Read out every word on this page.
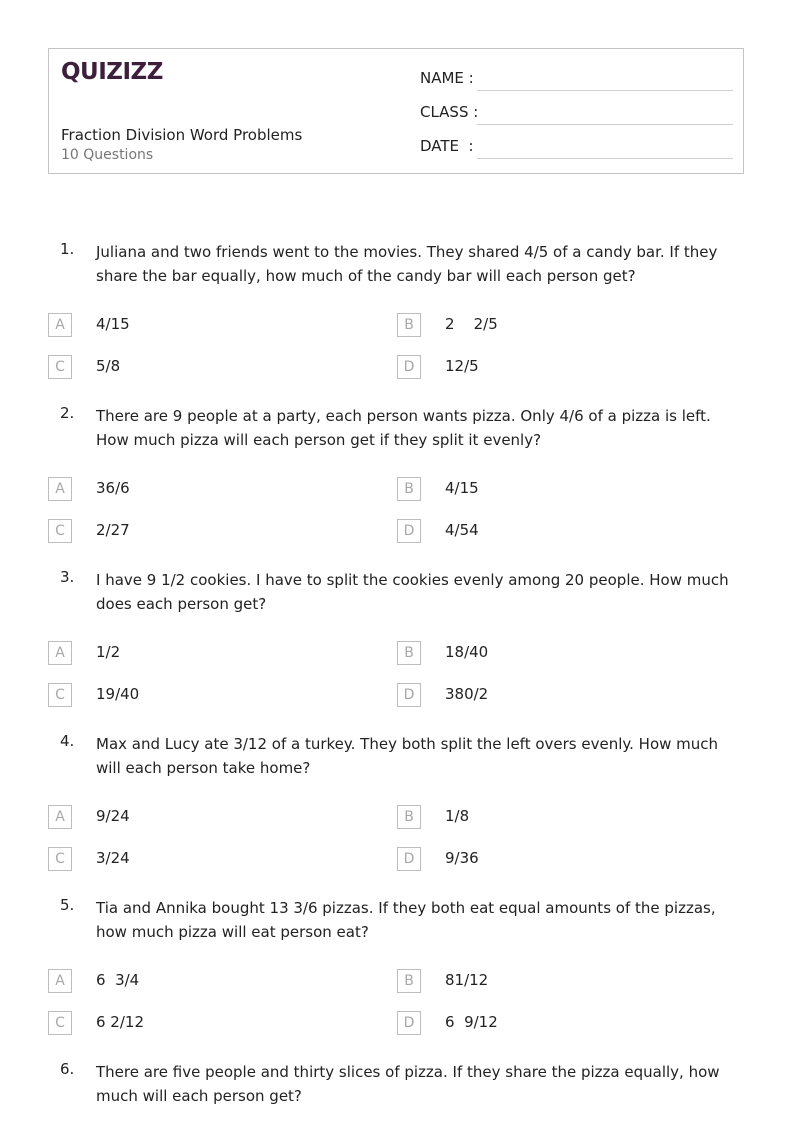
QUIZIZZ
Fraction Division Word Problems
10 Questions
NAME :
CLASS :
DATE  :
1. Juliana and two friends went to the movies. They shared 4/5 of a candy bar. If they share the bar equally, how much of the candy bar will each person get?
A	4/15	B	2    2/5
C	5/8	D	12/5
2. There are 9 people at a party, each person wants pizza. Only 4/6 of a pizza is left. How much pizza will each person get if they split it evenly?
A	36/6	B	4/15
C	2/27	D	4/54
3. I have 9 1/2 cookies. I have to split the cookies evenly among 20 people. How much does each person get?
A	1/2	B	18/40
C	19/40	D	380/2
4. Max and Lucy ate 3/12 of a turkey. They both split the left overs evenly. How much will each person take home?
A	9/24	B	1/8
C	3/24	D	9/36
5. Tia and Annika bought 13 3/6 pizzas. If they both eat equal amounts of the pizzas, how much pizza will eat person eat?
A	6  3/4	B	81/12
C	6 2/12	D	6  9/12
6. There are five people and thirty slices of pizza. If they share the pizza equally, how much will each person get?
